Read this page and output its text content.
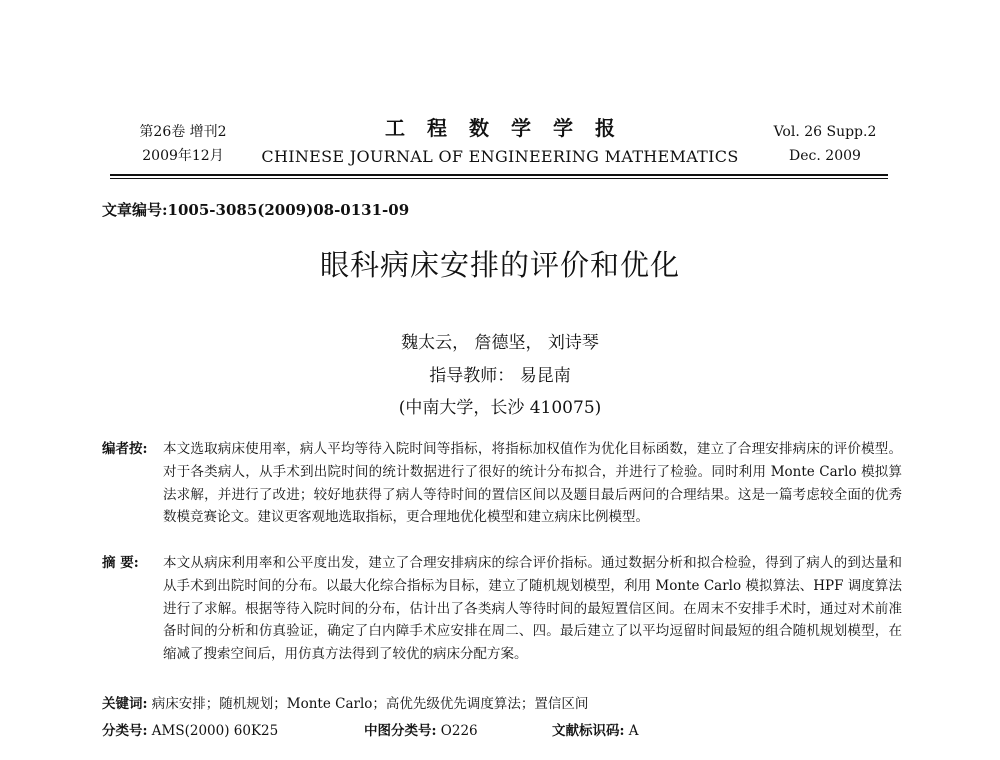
第26卷 增刊2
2009年12月
工程数学学报
CHINESE JOURNAL OF ENGINEERING MATHEMATICS
Vol. 26 Supp.2
Dec. 2009
文章编号:1005-3085(2009)08-0131-09
眼科病床安排的评价和优化
魏太云， 詹德坚， 刘诗琴
指导教师： 易昆南
(中南大学，长沙 410075)
编者按:	本文选取病床使用率，病人平均等待入院时间等指标，将指标加权值作为优化目标函数，建立了合理安排病床的评价模型。对于各类病人，从手术到出院时间的统计数据进行了很好的统计分布拟合，并进行了检验。同时利用 Monte Carlo 模拟算法求解，并进行了改进；较好地获得了病人等待时间的置信区间以及题目最后两问的合理结果。这是一篇考虑较全面的优秀数模竞赛论文。建议更客观地选取指标，更合理地优化模型和建立病床比例模型。
摘 要:	本文从病床利用率和公平度出发，建立了合理安排病床的综合评价指标。通过数据分析和拟合检验，得到了病人的到达量和从手术到出院时间的分布。以最大化综合指标为目标，建立了随机规划模型，利用 Monte Carlo 模拟算法、HPF 调度算法进行了求解。根据等待入院时间的分布，估计出了各类病人等待时间的最短置信区间。在周末不安排手术时，通过对术前准备时间的分析和仿真验证，确定了白内障手术应安排在周二、四。最后建立了以平均逗留时间最短的组合随机规划模型，在缩减了搜索空间后，用仿真方法得到了较优的病床分配方案。
关键词: 病床安排；随机规划；Monte Carlo；高优先级优先调度算法；置信区间
分类号: AMS(2000) 60K25	中图分类号: O226	文献标识码: A
